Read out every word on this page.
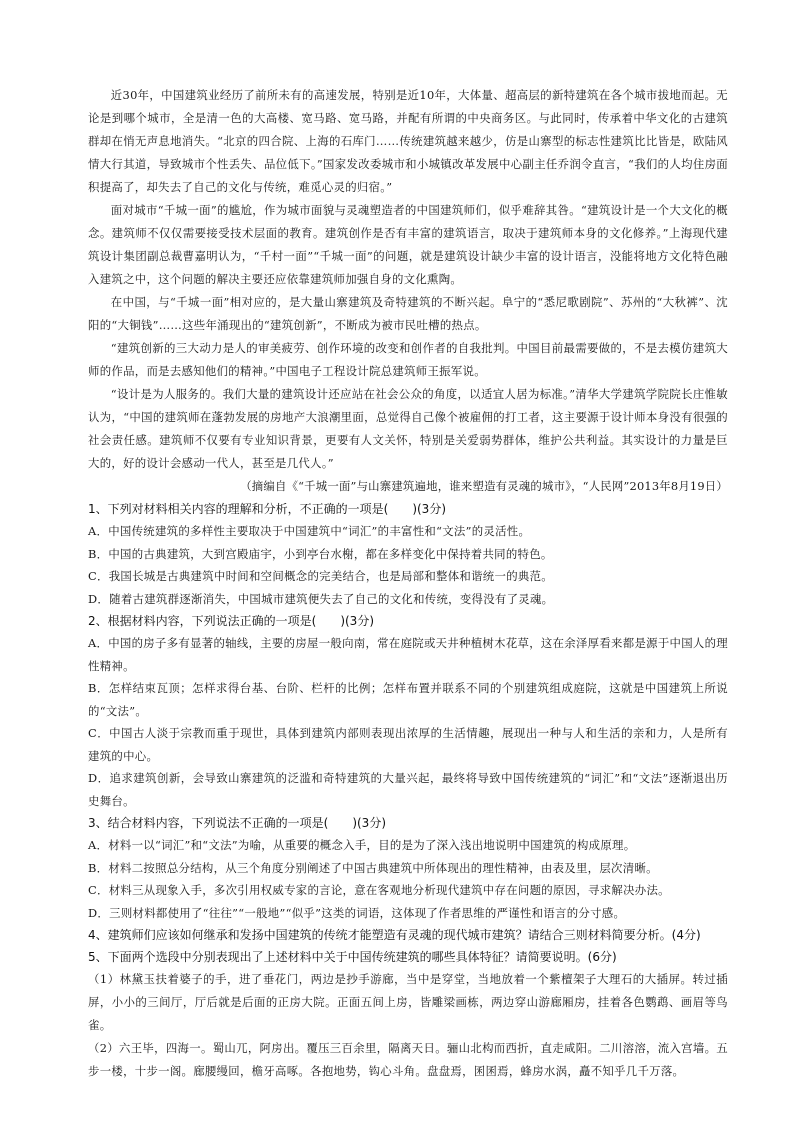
近30年，中国建筑业经历了前所未有的高速发展，特别是近10年，大体量、超高层的新特建筑在各个城市拔地而起。无论是到哪个城市，全是清一色的大高楼、宽马路、宽马路，并配有所谓的中央商务区。与此同时，传承着中华文化的古建筑群却在悄无声息地消失。“北京的四合院、上海的石库门……传统建筑越来越少，仿是山寨型的标志性建筑比比皆是，欧陆风情大行其道，导致城市个性丢失、品位低下。”国家发改委城市和小城镇改革发展中心副主任乔润令直言，“我们的人均住房面积提高了，却失去了自己的文化与传统，难觅心灵的归宿。”

面对城市“千城一面”的尴尬，作为城市面貌与灵魂塑造者的中国建筑师们，似乎难辞其咎。“建筑设计是一个大文化的概念。建筑师不仅仅需要接受技术层面的教育。建筑创作是否有丰富的建筑语言，取决于建筑师本身的文化修养。”上海现代建筑设计集团副总裁曹嘉明认为，“千村一面”“千城一面”的问题，就是建筑设计缺少丰富的设计语言，没能将地方文化特色融入建筑之中，这个问题的解决主要还应依靠建筑师加强自身的文化熏陶。

在中国，与“千城一面”相对应的，是大量山寨建筑及奇特建筑的不断兴起。阜宁的“悉尼歌剧院”、苏州的“大秋裤”、沈阳的“大铜钱”……这些年涌现出的“建筑创新”，不断成为被市民吐槽的热点。

“建筑创新的三大动力是人的审美疲劳、创作环境的改变和创作者的自我批判。中国目前最需要做的，不是去模仿建筑大师的作品，而是去感知他们的精神。”中国电子工程设计院总建筑师王振军说。

“设计是为人服务的。我们大量的建筑设计还应站在社会公众的角度，以适宜人居为标准。”清华大学建筑学院院长庄惟敏认为，“中国的建筑师在蓬勃发展的房地产大浪潮里面，总觉得自己像个被雇佣的打工者，这主要源于设计师本身没有很强的社会责任感。建筑师不仅要有专业知识背景，更要有人文关怀，特别是关爱弱势群体，维护公共利益。其实设计的力量是巨大的，好的设计会感动一代人，甚至是几代人。”

（摘编自《“千城一面”与山寨建筑遍地，谁来塑造有灵魂的城市》，“人民网”2013年8月19日）

1、下列对材料相关内容的理解和分析，不正确的一项是(　　)(3分)

A．中国传统建筑的多样性主要取决于中国建筑中“词汇”的丰富性和“文法”的灵活性。

B．中国的古典建筑，大到宫殿庙宇，小到亭台水榭，都在多样变化中保持着共同的特色。

C．我国长城是古典建筑中时间和空间概念的完美结合，也是局部和整体和谐统一的典范。

D．随着古建筑群逐渐消失，中国城市建筑便失去了自己的文化和传统，变得没有了灵魂。

2、根据材料内容，下列说法正确的一项是(　　)(3分)

A．中国的房子多有显著的轴线，主要的房屋一般向南，常在庭院或天井种植树木花草，这在余泽厚看来都是源于中国人的理性精神。

B．怎样结束瓦顶；怎样求得台基、台阶、栏杆的比例；怎样布置并联系不同的个别建筑组成庭院，这就是中国建筑上所说的“文法”。

C．中国古人淡于宗教而重于现世，具体到建筑内部则表现出浓厚的生活情趣，展现出一种与人和生活的亲和力，人是所有建筑的中心。

D．追求建筑创新，会导致山寨建筑的泛滥和奇特建筑的大量兴起，最终将导致中国传统建筑的“词汇”和“文法”逐渐退出历史舞台。

3、结合材料内容，下列说法不正确的一项是(　　)(3分)

A．材料一以“词汇”和“文法”为喻，从重要的概念入手，目的是为了深入浅出地说明中国建筑的构成原理。

B．材料二按照总分结构，从三个角度分别阐述了中国古典建筑中所体现出的理性精神，由表及里，层次清晰。

C．材料三从现象入手，多次引用权威专家的言论，意在客观地分析现代建筑中存在问题的原因，寻求解决办法。

D．三则材料都使用了“往往”“一般地”“似乎”这类的词语，这体现了作者思维的严谨性和语言的分寸感。

4、建筑师们应该如何继承和发扬中国建筑的传统才能塑造有灵魂的现代城市建筑？请结合三则材料简要分析。(4分)

5、下面两个选段中分别表现出了上述材料中关于中国传统建筑的哪些具体特征？请简要说明。(6分)

（1）林黛玉扶着婆子的手，进了垂花门，两边是抄手游廊，当中是穿堂，当地放着一个紫檀架子大理石的大插屏。转过插屏，小小的三间厅，厅后就是后面的正房大院。正面五间上房，皆雕梁画栋，两边穿山游廊厢房，挂着各色鹦鹉、画眉等鸟雀。

（2）六王毕，四海一。蜀山兀，阿房出。覆压三百余里，隔离天日。骊山北构而西折，直走咸阳。二川溶溶，流入宫墙。五步一楼，十步一阁。廊腰缦回，檐牙高啄。各抱地势，钩心斗角。盘盘焉，囷囷焉，蜂房水涡，矗不知乎几千万落。
